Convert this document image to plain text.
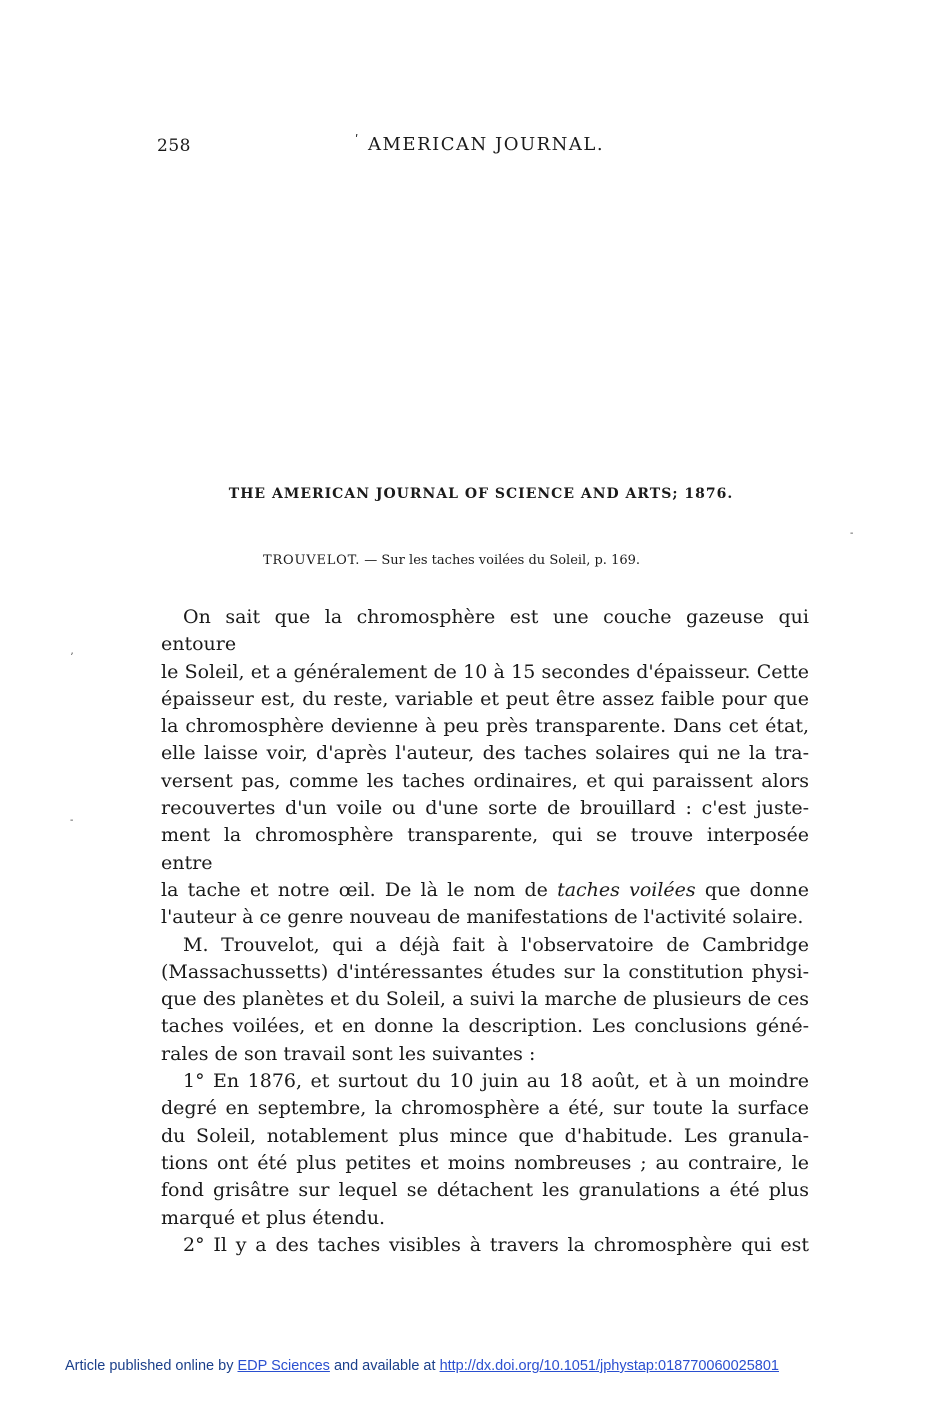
258	ʹ AMERICAN JOURNAL.
THE AMERICAN JOURNAL OF SCIENCE AND ARTS; 1876.
TROUVELOT. — Sur les taches voilées du Soleil, p. 169.
ʼ
-
-

On sait que la chromosphère est une couche gazeuse qui entoure

le Soleil, et a généralement de 10 à 15 secondes d'épaisseur. Cette

épaisseur est, du reste, variable et peut être assez faible pour que

la chromosphère devienne à peu près transparente. Dans cet état,

elle laisse voir, d'après l'auteur, des taches solaires qui ne la tra-

versent pas, comme les taches ordinaires, et qui paraissent alors

recouvertes d'un voile ou d'une sorte de brouillard : c'est juste-

ment la chromosphère transparente, qui se trouve interposée entre

la tache et notre œil. De là le nom de taches voilées que donne

l'auteur à ce genre nouveau de manifestations de l'activité solaire.

M. Trouvelot, qui a déjà fait à l'observatoire de Cambridge

(Massachussetts) d'intéressantes études sur la constitution physi-

que des planètes et du Soleil, a suivi la marche de plusieurs de ces

taches voilées, et en donne la description. Les conclusions géné-

rales de son travail sont les suivantes :

1° En 1876, et surtout du 10 juin au 18 août, et à un moindre

degré en septembre, la chromosphère a été, sur toute la surface

du Soleil, notablement plus mince que d'habitude. Les granula-

tions ont été plus petites et moins nombreuses ; au contraire, le

fond grisâtre sur lequel se détachent les granulations a été plus

marqué et plus étendu.

2° Il y a des taches visibles à travers la chromosphère qui est

Article published online by EDP Sciences and available at http://dx.doi.org/10.1051/jphystap:018770060025801
